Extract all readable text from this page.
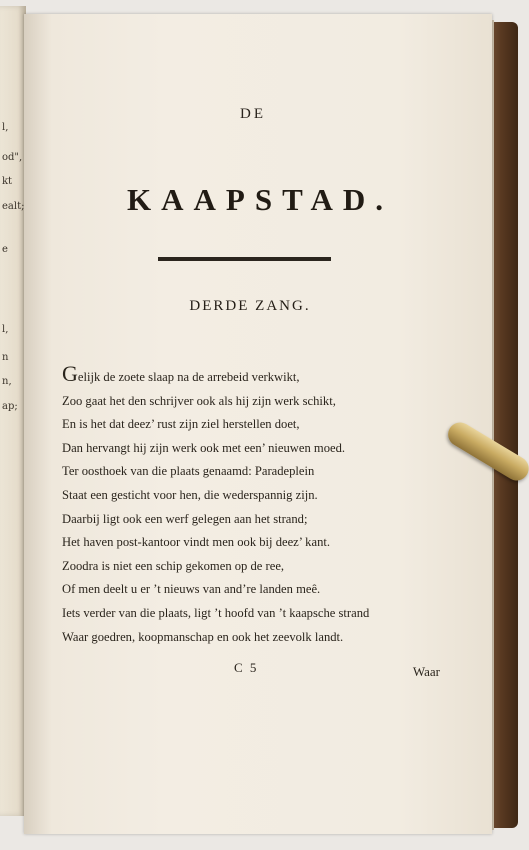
l,
od",
kt
ealt;
e
l,
n
n,
ap;
DE
KAAPSTAD.
DERDE ZANG.
Gelijk de zoete slaap na de arrebeid verkwikt,
Zoo gaat het den schrijver ook als hij zijn werk schikt,
En is het dat deez’ rust zijn ziel herstellen doet,
Dan hervangt hij zijn werk ook met een’ nieuwen moed.
Ter oosthoek van die plaats genaamd: Paradeplein
Staat een gesticht voor hen, die wederspannig zijn.
Daarbij ligt ook een werf gelegen aan het strand;
Het haven post-kantoor vindt men ook bij deez’ kant.
Zoodra is niet een schip gekomen op de ree,
Of men deelt u er ’t nieuws van and’re landen meê.
Iets verder van die plaats, ligt ’t hoofd van ’t kaapsche strand
Waar goedren, koopmanschap en ook het zeevolk landt.
C 5	Waar
